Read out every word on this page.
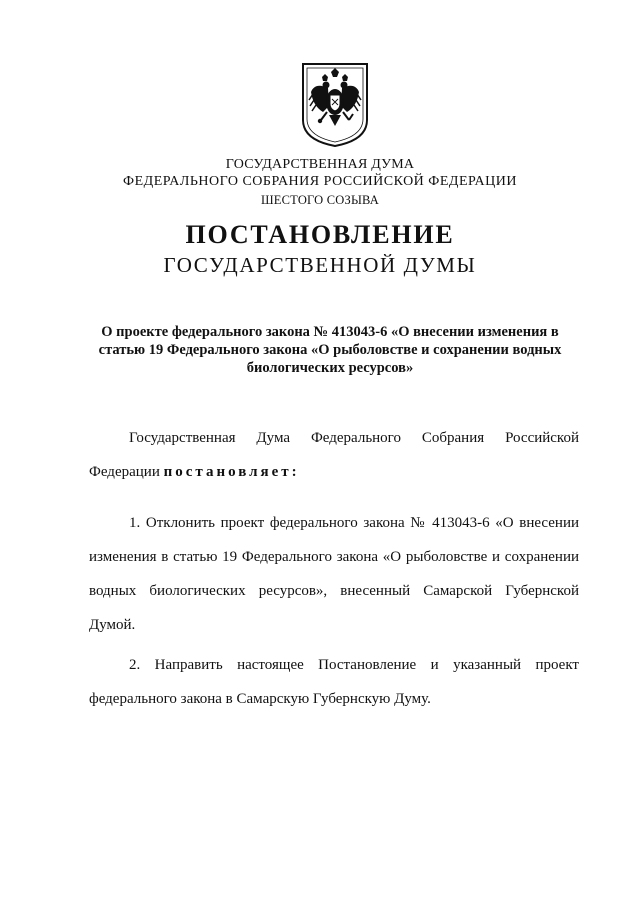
ГОСУДАРСТВЕННАЯ ДУМА
ФЕДЕРАЛЬНОГО СОБРАНИЯ РОССИЙСКОЙ ФЕДЕРАЦИИ
ШЕСТОГО СОЗЫВА
ПОСТАНОВЛЕНИЕ
ГОСУДАРСТВЕННОЙ ДУМЫ
О проекте федерального закона № 413043-6 «О внесении изменения в
статью 19 Федерального закона «О рыболовстве и сохранении водных
биологических ресурсов»
Государственная Дума Федерального Собрания Российской
Федерации постановляет:
1. Отклонить проект федерального закона № 413043-6 «О внесении
изменения в статью 19 Федерального закона «О рыболовстве и сохранении
водных биологических ресурсов», внесенный Самарской Губернской
Думой.
2. Направить настоящее Постановление и указанный проект
федерального закона в Самарскую Губернскую Думу.
